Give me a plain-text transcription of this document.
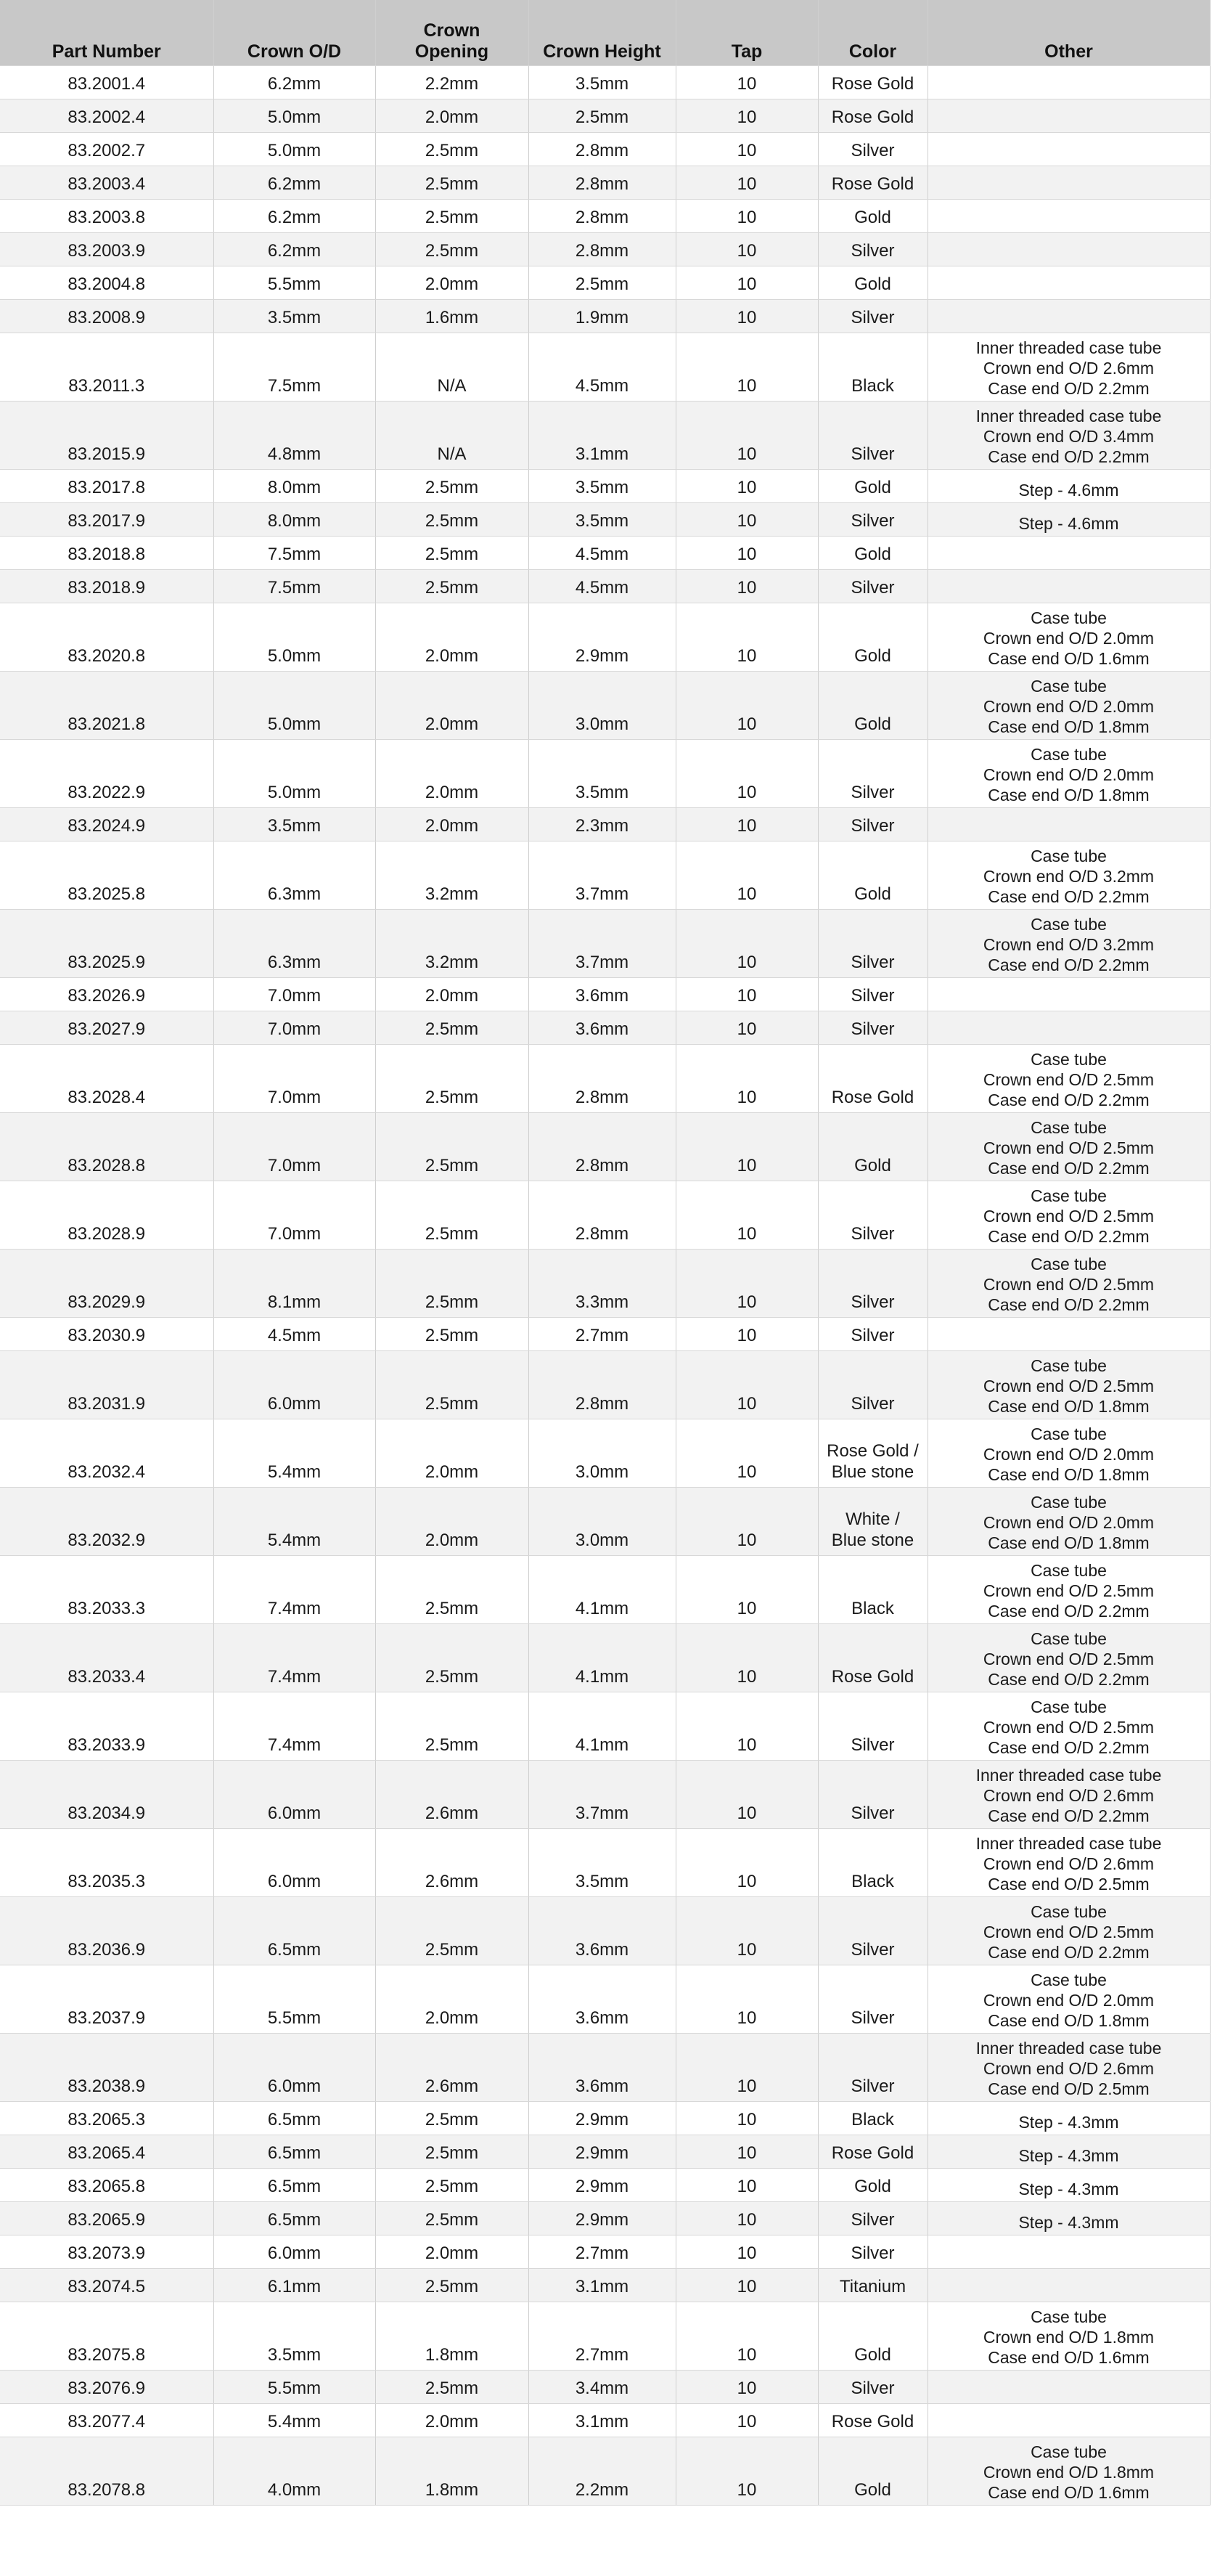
Part Number	Crown O/D	Crown
Opening	Crown Height	Tap	Color	Other
83.2001.4	6.2mm	2.2mm	3.5mm	10	Rose Gold	
83.2002.4	5.0mm	2.0mm	2.5mm	10	Rose Gold	
83.2002.7	5.0mm	2.5mm	2.8mm	10	Silver	
83.2003.4	6.2mm	2.5mm	2.8mm	10	Rose Gold	
83.2003.8	6.2mm	2.5mm	2.8mm	10	Gold	
83.2003.9	6.2mm	2.5mm	2.8mm	10	Silver	
83.2004.8	5.5mm	2.0mm	2.5mm	10	Gold	
83.2008.9	3.5mm	1.6mm	1.9mm	10	Silver	
83.2011.3	7.5mm	N/A	4.5mm	10	Black	Inner threaded case tube
Crown end O/D 2.6mm
Case end O/D 2.2mm
83.2015.9	4.8mm	N/A	3.1mm	10	Silver	Inner threaded case tube
Crown end O/D 3.4mm
Case end O/D 2.2mm
83.2017.8	8.0mm	2.5mm	3.5mm	10	Gold	Step - 4.6mm
83.2017.9	8.0mm	2.5mm	3.5mm	10	Silver	Step - 4.6mm
83.2018.8	7.5mm	2.5mm	4.5mm	10	Gold	
83.2018.9	7.5mm	2.5mm	4.5mm	10	Silver	
83.2020.8	5.0mm	2.0mm	2.9mm	10	Gold	Case tube
Crown end O/D 2.0mm
Case end O/D 1.6mm
83.2021.8	5.0mm	2.0mm	3.0mm	10	Gold	Case tube
Crown end O/D 2.0mm
Case end O/D 1.8mm
83.2022.9	5.0mm	2.0mm	3.5mm	10	Silver	Case tube
Crown end O/D 2.0mm
Case end O/D 1.8mm
83.2024.9	3.5mm	2.0mm	2.3mm	10	Silver	
83.2025.8	6.3mm	3.2mm	3.7mm	10	Gold	Case tube
Crown end O/D 3.2mm
Case end O/D 2.2mm
83.2025.9	6.3mm	3.2mm	3.7mm	10	Silver	Case tube
Crown end O/D 3.2mm
Case end O/D 2.2mm
83.2026.9	7.0mm	2.0mm	3.6mm	10	Silver	
83.2027.9	7.0mm	2.5mm	3.6mm	10	Silver	
83.2028.4	7.0mm	2.5mm	2.8mm	10	Rose Gold	Case tube
Crown end O/D 2.5mm
Case end O/D 2.2mm
83.2028.8	7.0mm	2.5mm	2.8mm	10	Gold	Case tube
Crown end O/D 2.5mm
Case end O/D 2.2mm
83.2028.9	7.0mm	2.5mm	2.8mm	10	Silver	Case tube
Crown end O/D 2.5mm
Case end O/D 2.2mm
83.2029.9	8.1mm	2.5mm	3.3mm	10	Silver	Case tube
Crown end O/D 2.5mm
Case end O/D 2.2mm
83.2030.9	4.5mm	2.5mm	2.7mm	10	Silver	
83.2031.9	6.0mm	2.5mm	2.8mm	10	Silver	Case tube
Crown end O/D 2.5mm
Case end O/D 1.8mm
83.2032.4	5.4mm	2.0mm	3.0mm	10	Rose Gold /
Blue stone	Case tube
Crown end O/D 2.0mm
Case end O/D 1.8mm
83.2032.9	5.4mm	2.0mm	3.0mm	10	White /
Blue stone	Case tube
Crown end O/D 2.0mm
Case end O/D 1.8mm
83.2033.3	7.4mm	2.5mm	4.1mm	10	Black	Case tube
Crown end O/D 2.5mm
Case end O/D 2.2mm
83.2033.4	7.4mm	2.5mm	4.1mm	10	Rose Gold	Case tube
Crown end O/D 2.5mm
Case end O/D 2.2mm
83.2033.9	7.4mm	2.5mm	4.1mm	10	Silver	Case tube
Crown end O/D 2.5mm
Case end O/D 2.2mm
83.2034.9	6.0mm	2.6mm	3.7mm	10	Silver	Inner threaded case tube
Crown end O/D 2.6mm
Case end O/D 2.2mm
83.2035.3	6.0mm	2.6mm	3.5mm	10	Black	Inner threaded case tube
Crown end O/D 2.6mm
Case end O/D 2.5mm
83.2036.9	6.5mm	2.5mm	3.6mm	10	Silver	Case tube
Crown end O/D 2.5mm
Case end O/D 2.2mm
83.2037.9	5.5mm	2.0mm	3.6mm	10	Silver	Case tube
Crown end O/D 2.0mm
Case end O/D 1.8mm
83.2038.9	6.0mm	2.6mm	3.6mm	10	Silver	Inner threaded case tube
Crown end O/D 2.6mm
Case end O/D 2.5mm
83.2065.3	6.5mm	2.5mm	2.9mm	10	Black	Step - 4.3mm
83.2065.4	6.5mm	2.5mm	2.9mm	10	Rose Gold	Step - 4.3mm
83.2065.8	6.5mm	2.5mm	2.9mm	10	Gold	Step - 4.3mm
83.2065.9	6.5mm	2.5mm	2.9mm	10	Silver	Step - 4.3mm
83.2073.9	6.0mm	2.0mm	2.7mm	10	Silver	
83.2074.5	6.1mm	2.5mm	3.1mm	10	Titanium	
83.2075.8	3.5mm	1.8mm	2.7mm	10	Gold	Case tube
Crown end O/D 1.8mm
Case end O/D 1.6mm
83.2076.9	5.5mm	2.5mm	3.4mm	10	Silver	
83.2077.4	5.4mm	2.0mm	3.1mm	10	Rose Gold	
83.2078.8	4.0mm	1.8mm	2.2mm	10	Gold	Case tube
Crown end O/D 1.8mm
Case end O/D 1.6mm
